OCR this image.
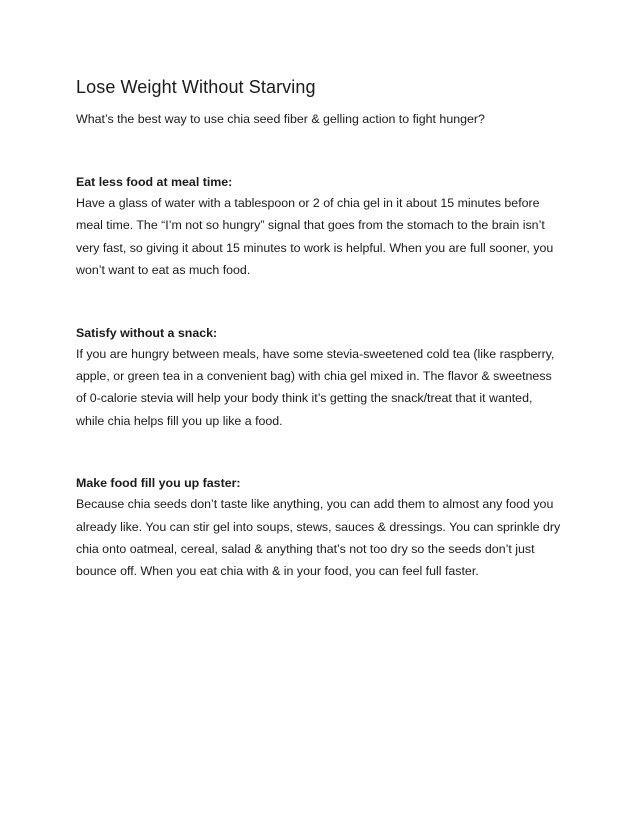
Lose Weight Without Starving

What’s the best way to use chia seed fiber & gelling action to fight hunger?

Eat less food at meal time:

Have a glass of water with a tablespoon or 2 of chia gel in it about 15 minutes before meal time. The “I’m not so hungry” signal that goes from the stomach to the brain isn’t very fast, so giving it about 15 minutes to work is helpful. When you are full sooner, you won’t want to eat as much food.

Satisfy without a snack:

If you are hungry between meals, have some stevia-sweetened cold tea (like raspberry, apple, or green tea in a convenient bag) with chia gel mixed in. The flavor & sweetness of 0-calorie stevia will help your body think it’s getting the snack/treat that it wanted, while chia helps fill you up like a food.

Make food fill you up faster:

Because chia seeds don’t taste like anything, you can add them to almost any food you already like. You can stir gel into soups, stews, sauces & dressings. You can sprinkle dry chia onto oatmeal, cereal, salad & anything that’s not too dry so the seeds don’t just bounce off. When you eat chia with & in your food, you can feel full faster.
